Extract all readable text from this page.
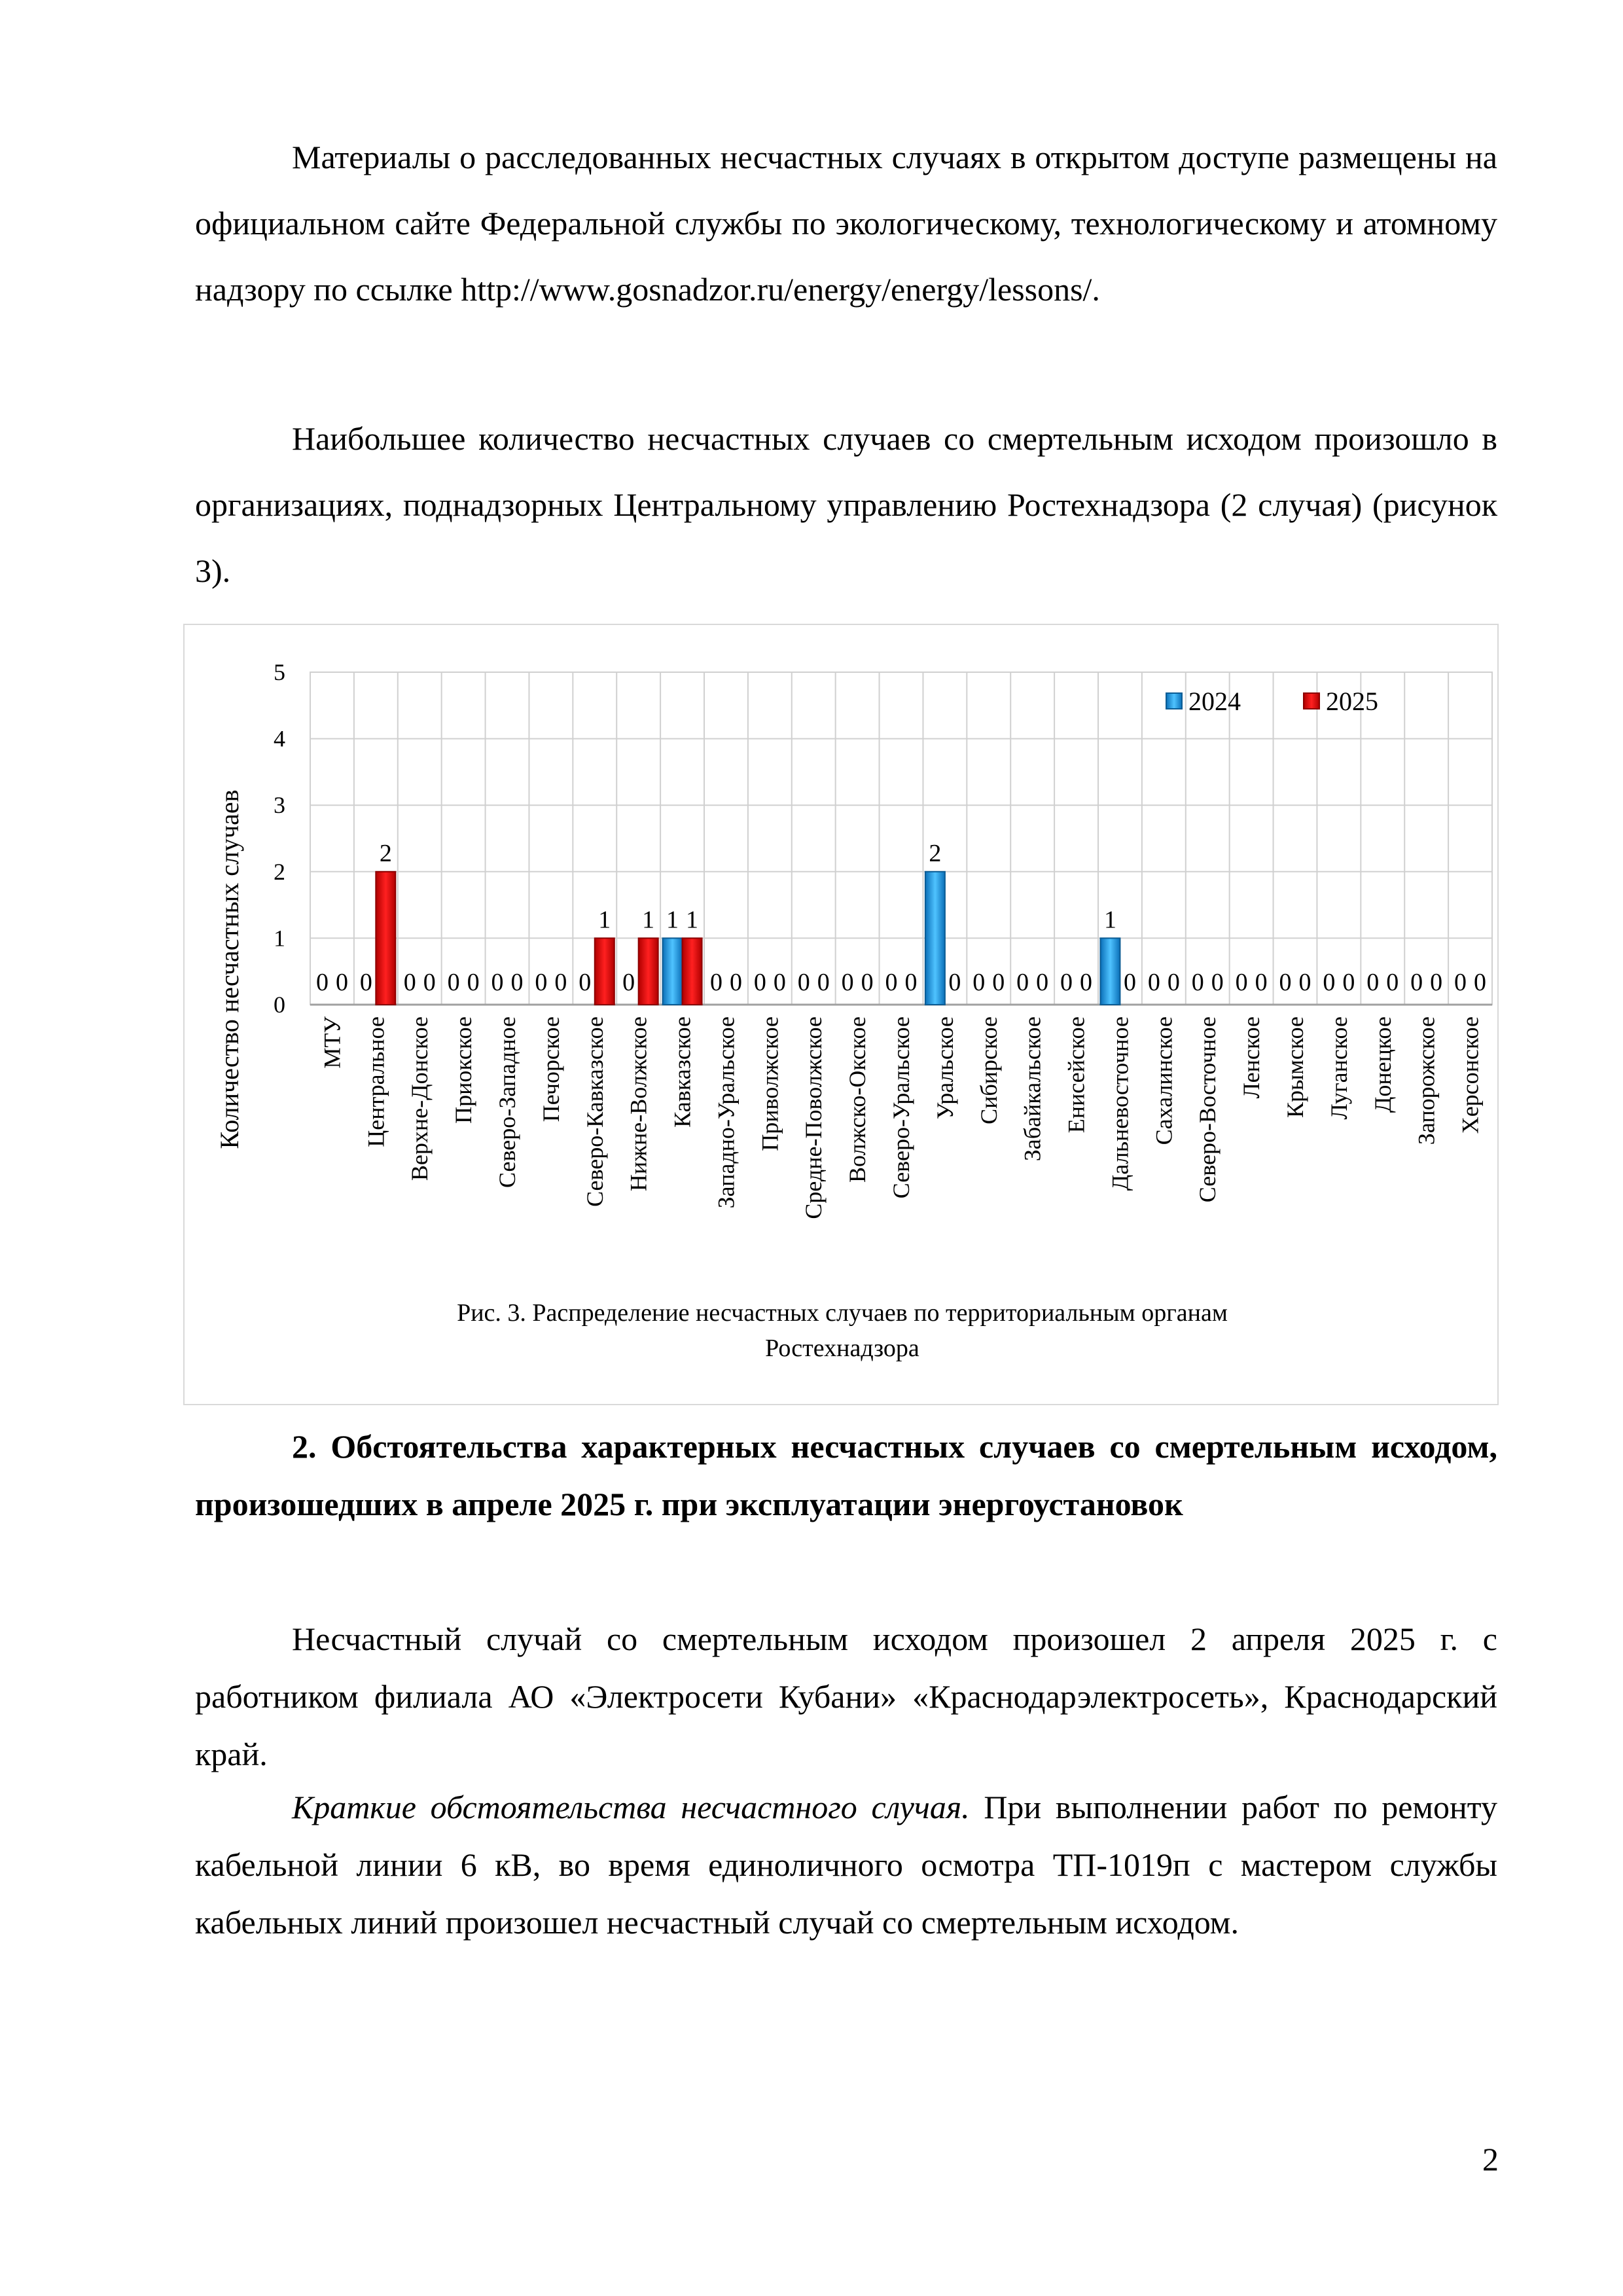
Материалы о расследованных несчастных случаях в открытом доступе размещены на официальном сайте Федеральной службы по экологическому, технологическому и атомному надзору по ссылке http://www.gosnadzor.ru/energy/energy/lessons/.
Наибольшее количество несчастных случаев со смертельным исходом произошло в организациях, поднадзорных Центральному управлению Ростехнадзора (2 случая) (рисунок 3).
0
1
2
3
4
5
0 0 0 0 0 0 0 0
1
0 0 0 0 0
2
0 0 0
1
0 0 0 0 0 0 0 0
0
2
0 0 0 0
1 1 1
0 0 0 0 0 0 0 0 0 0 0 0 0 0 0 0 0 0
МТУ Центральное Верхне-Донское Приокское Северо-Западное Печорское Северо-Кавказское Нижне-Волжское Кавказское Западно-Уральское Приволжское Средне-Поволжское Волжско-Окское Северо-Уральское Уральское Сибирское Забайкальское Енисейское Дальневосточное Сахалинское Северо-Восточное Ленское Крымское Луганское Донецкое Запорожское Херсонское
Количество несчастных случаев
2024	2025
Рис. 3. Распределение несчастных случаев по территориальным органам
Ростехнадзора
2. Обстоятельства характерных несчастных случаев со смертельным исходом, произошедших в апреле 2025 г. при эксплуатации энергоустановок
Несчастный случай со смертельным исходом произошел 2 апреля 2025 г. с работником филиала АО «Электросети Кубани» «Краснодарэлектросеть», Краснодарский край.
Краткие обстоятельства несчастного случая. При выполнении работ по ремонту кабельной линии 6 кВ, во время единоличного осмотра ТП-1019п с мастером службы кабельных линий произошел несчастный случай со смертельным исходом.
2
